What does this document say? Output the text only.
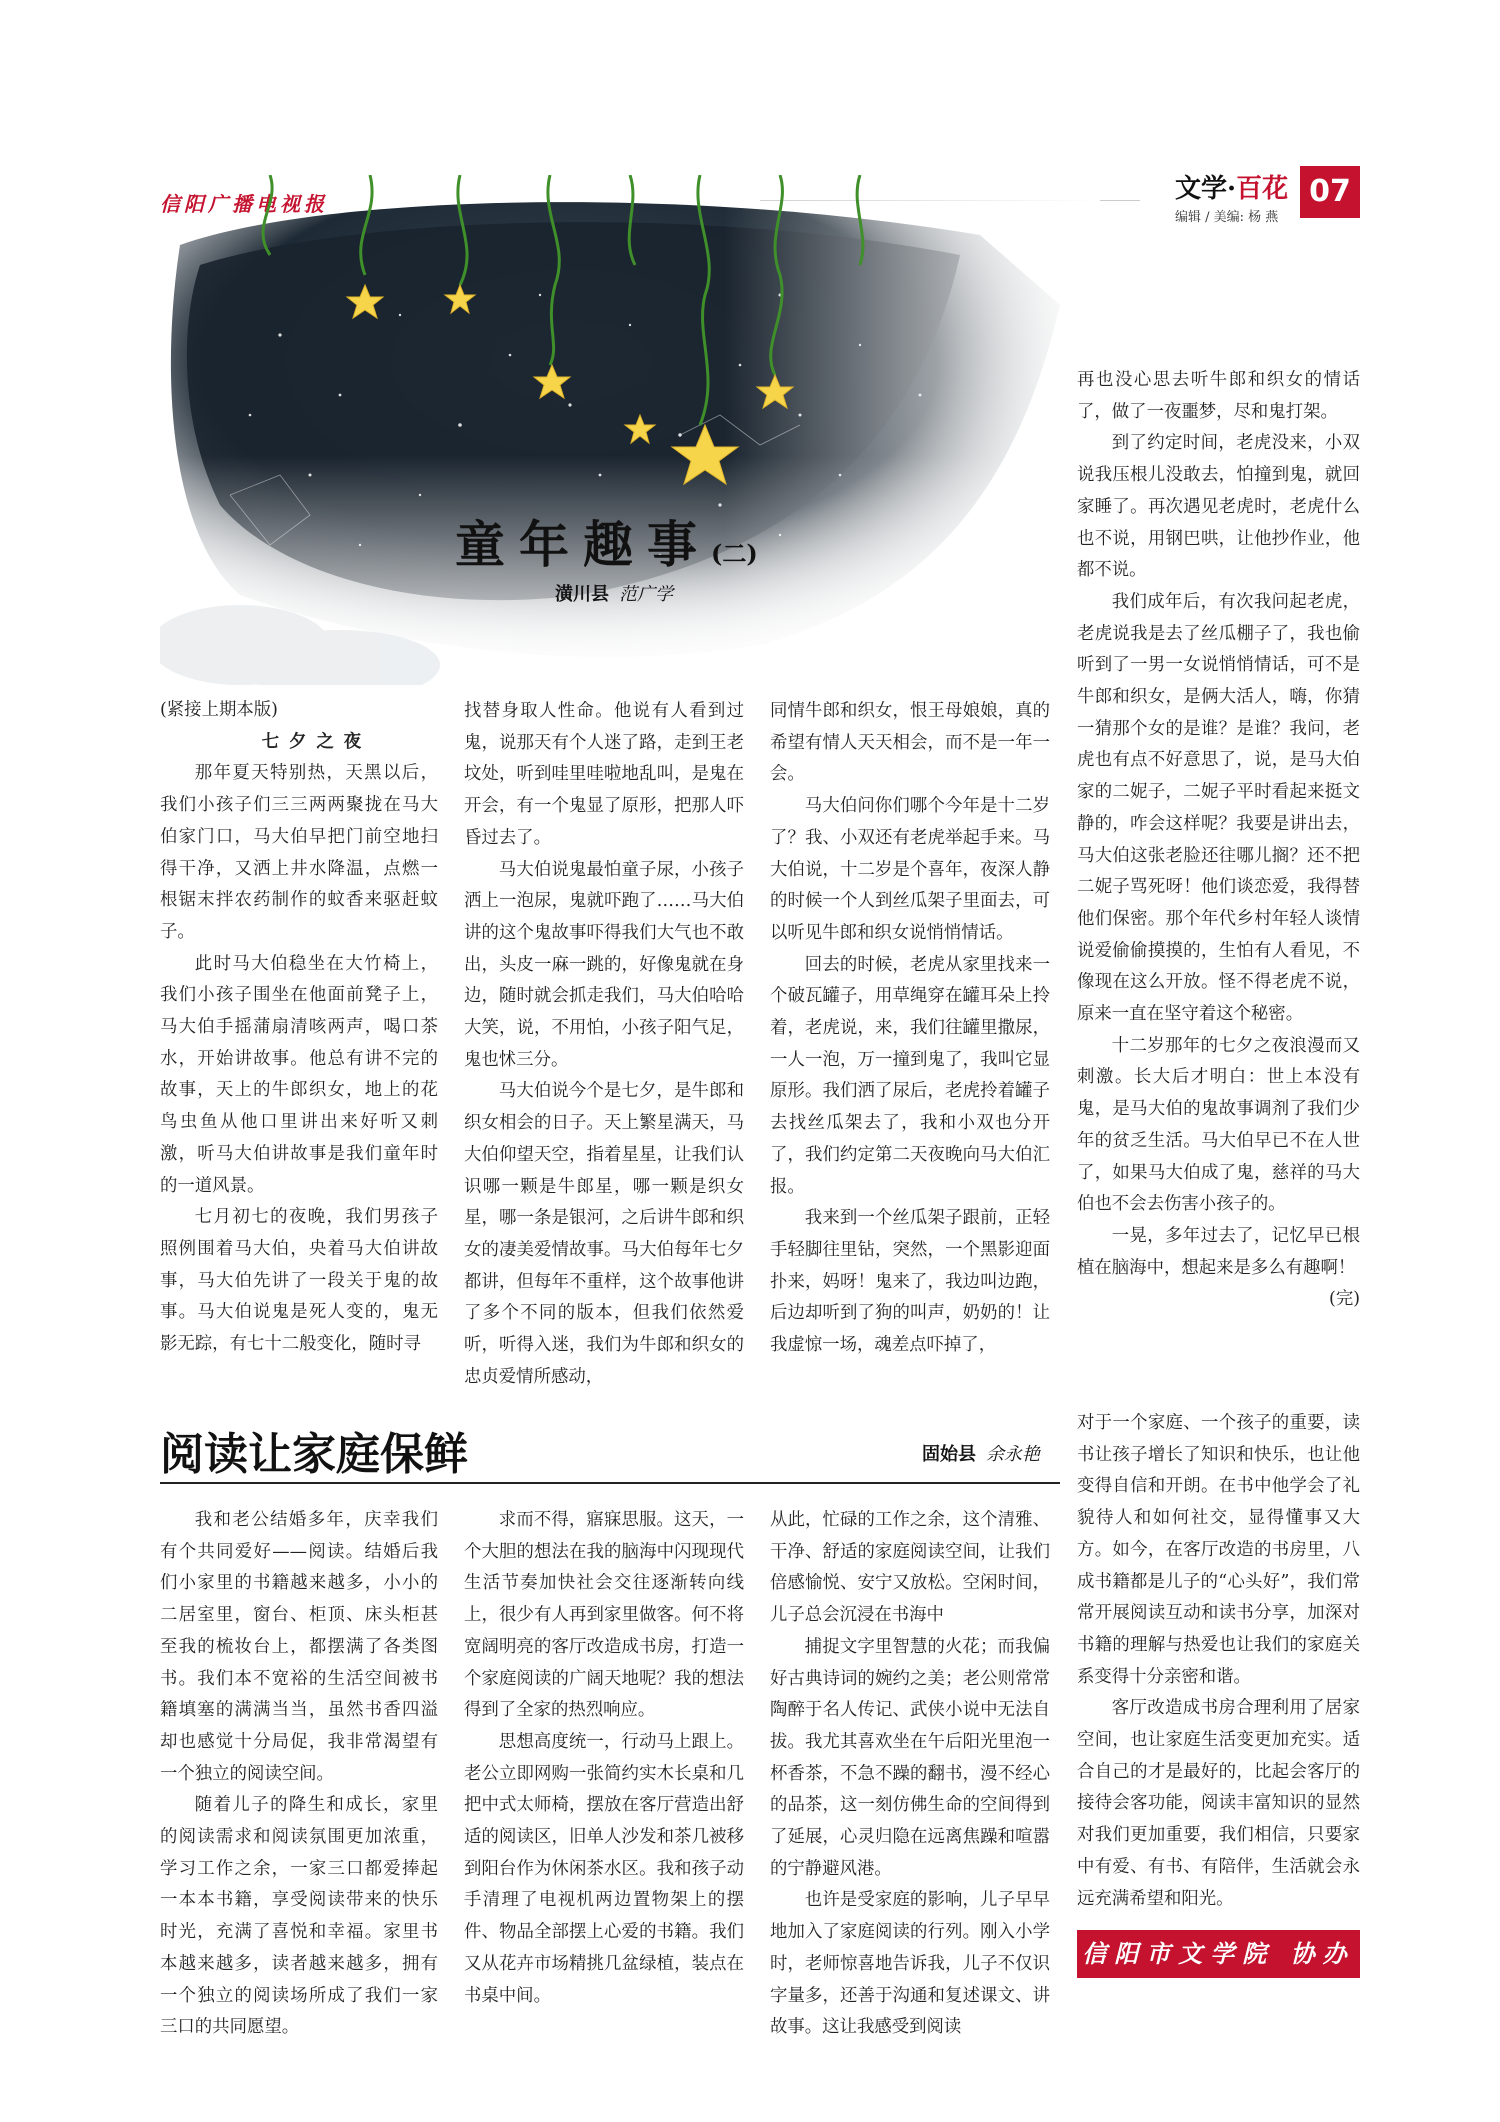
文学·百花
编辑 / 美编: 杨 燕
07
童年趣事(二)
潢川县 范广学

(紧接上期本版)

七夕之夜

那年夏天特别热，天黑以后，我们小孩子们三三两两聚拢在马大伯家门口，马大伯早把门前空地扫得干净，又洒上井水降温，点燃一根锯末拌农药制作的蚊香来驱赶蚊子。

此时马大伯稳坐在大竹椅上，我们小孩子围坐在他面前凳子上，马大伯手摇蒲扇清咳两声，喝口茶水，开始讲故事。他总有讲不完的故事，天上的牛郎织女，地上的花鸟虫鱼从他口里讲出来好听又刺激，听马大伯讲故事是我们童年时的一道风景。

七月初七的夜晚，我们男孩子照例围着马大伯，央着马大伯讲故事，马大伯先讲了一段关于鬼的故事。马大伯说鬼是死人变的，鬼无影无踪，有七十二般变化，随时寻

找替身取人性命。他说有人看到过鬼，说那天有个人迷了路，走到王老坟处，听到哇里哇啦地乱叫，是鬼在开会，有一个鬼显了原形，把那人吓昏过去了。

马大伯说鬼最怕童子尿，小孩子洒上一泡尿，鬼就吓跑了……马大伯讲的这个鬼故事吓得我们大气也不敢出，头皮一麻一跳的，好像鬼就在身边，随时就会抓走我们，马大伯哈哈大笑，说，不用怕，小孩子阳气足，鬼也怵三分。

马大伯说今个是七夕，是牛郎和织女相会的日子。天上繁星满天，马大伯仰望天空，指着星星，让我们认识哪一颗是牛郎星，哪一颗是织女星，哪一条是银河，之后讲牛郎和织女的凄美爱情故事。马大伯每年七夕都讲，但每年不重样，这个故事他讲了多个不同的版本，但我们依然爱听，听得入迷，我们为牛郎和织女的忠贞爱情所感动，

同情牛郎和织女，恨王母娘娘，真的希望有情人天天相会，而不是一年一会。

马大伯问你们哪个今年是十二岁了？我、小双还有老虎举起手来。马大伯说，十二岁是个喜年，夜深人静的时候一个人到丝瓜架子里面去，可以听见牛郎和织女说悄悄情话。

回去的时候，老虎从家里找来一个破瓦罐子，用草绳穿在罐耳朵上拎着，老虎说，来，我们往罐里撒尿，一人一泡，万一撞到鬼了，我叫它显原形。我们洒了尿后，老虎拎着罐子去找丝瓜架去了，我和小双也分开了，我们约定第二天夜晚向马大伯汇报。

我来到一个丝瓜架子跟前，正轻手轻脚往里钻，突然，一个黑影迎面扑来，妈呀！鬼来了，我边叫边跑，后边却听到了狗的叫声，奶奶的！让我虚惊一场，魂差点吓掉了，

再也没心思去听牛郎和织女的情话了，做了一夜噩梦，尽和鬼打架。

到了约定时间，老虎没来，小双说我压根儿没敢去，怕撞到鬼，就回家睡了。再次遇见老虎时，老虎什么也不说，用钢巴哄，让他抄作业，他都不说。

我们成年后，有次我问起老虎，老虎说我是去了丝瓜棚子了，我也偷听到了一男一女说悄悄情话，可不是牛郎和织女，是俩大活人，嗨，你猜一猜那个女的是谁？是谁？我问，老虎也有点不好意思了，说，是马大伯家的二妮子，二妮子平时看起来挺文静的，咋会这样呢？我要是讲出去，马大伯这张老脸还往哪儿搁？还不把二妮子骂死呀！他们谈恋爱，我得替他们保密。那个年代乡村年轻人谈情说爱偷偷摸摸的，生怕有人看见，不像现在这么开放。怪不得老虎不说，原来一直在坚守着这个秘密。

十二岁那年的七夕之夜浪漫而又刺激。长大后才明白：世上本没有鬼，是马大伯的鬼故事调剂了我们少年的贫乏生活。马大伯早已不在人世了，如果马大伯成了鬼，慈祥的马大伯也不会去伤害小孩子的。

一晃，多年过去了，记忆早已根植在脑海中，想起来是多么有趣啊！
(完)

阅读让家庭保鲜	固始县 余永艳

我和老公结婚多年，庆幸我们有个共同爱好——阅读。结婚后我们小家里的书籍越来越多，小小的二居室里，窗台、柜顶、床头柜甚至我的梳妆台上，都摆满了各类图书。我们本不宽裕的生活空间被书籍填塞的满满当当，虽然书香四溢却也感觉十分局促，我非常渴望有一个独立的阅读空间。

随着儿子的降生和成长，家里的阅读需求和阅读氛围更加浓重，学习工作之余，一家三口都爱捧起一本本书籍，享受阅读带来的快乐时光，充满了喜悦和幸福。家里书本越来越多，读者越来越多，拥有一个独立的阅读场所成了我们一家三口的共同愿望。

求而不得，寤寐思服。这天，一个大胆的想法在我的脑海中闪现现代生活节奏加快社会交往逐渐转向线上，很少有人再到家里做客。何不将宽阔明亮的客厅改造成书房，打造一个家庭阅读的广阔天地呢？我的想法得到了全家的热烈响应。

思想高度统一，行动马上跟上。老公立即网购一张简约实木长桌和几把中式太师椅，摆放在客厅营造出舒适的阅读区，旧单人沙发和茶几被移到阳台作为休闲茶水区。我和孩子动手清理了电视机两边置物架上的摆件、物品全部摆上心爱的书籍。我们又从花卉市场精挑几盆绿植，装点在书桌中间。

从此，忙碌的工作之余，这个清雅、干净、舒适的家庭阅读空间，让我们倍感愉悦、安宁又放松。空闲时间，儿子总会沉浸在书海中

捕捉文字里智慧的火花；而我偏好古典诗词的婉约之美；老公则常常陶醉于名人传记、武侠小说中无法自拔。我尤其喜欢坐在午后阳光里泡一杯香茶，不急不躁的翻书，漫不经心的品茶，这一刻仿佛生命的空间得到了延展，心灵归隐在远离焦躁和喧嚣的宁静避风港。

也许是受家庭的影响，儿子早早地加入了家庭阅读的行列。刚入小学时，老师惊喜地告诉我，儿子不仅识字量多，还善于沟通和复述课文、讲故事。这让我感受到阅读

对于一个家庭、一个孩子的重要，读书让孩子增长了知识和快乐，也让他变得自信和开朗。在书中他学会了礼貌待人和如何社交，显得懂事又大方。如今，在客厅改造的书房里，八成书籍都是儿子的“心头好”，我们常常开展阅读互动和读书分享，加深对书籍的理解与热爱也让我们的家庭关系变得十分亲密和谐。

客厅改造成书房合理利用了居家空间，也让家庭生活变更加充实。适合自己的才是最好的，比起会客厅的接待会客功能，阅读丰富知识的显然对我们更加重要，我们相信，只要家中有爱、有书、有陪伴，生活就会永远充满希望和阳光。

信阳市文学院 协办
